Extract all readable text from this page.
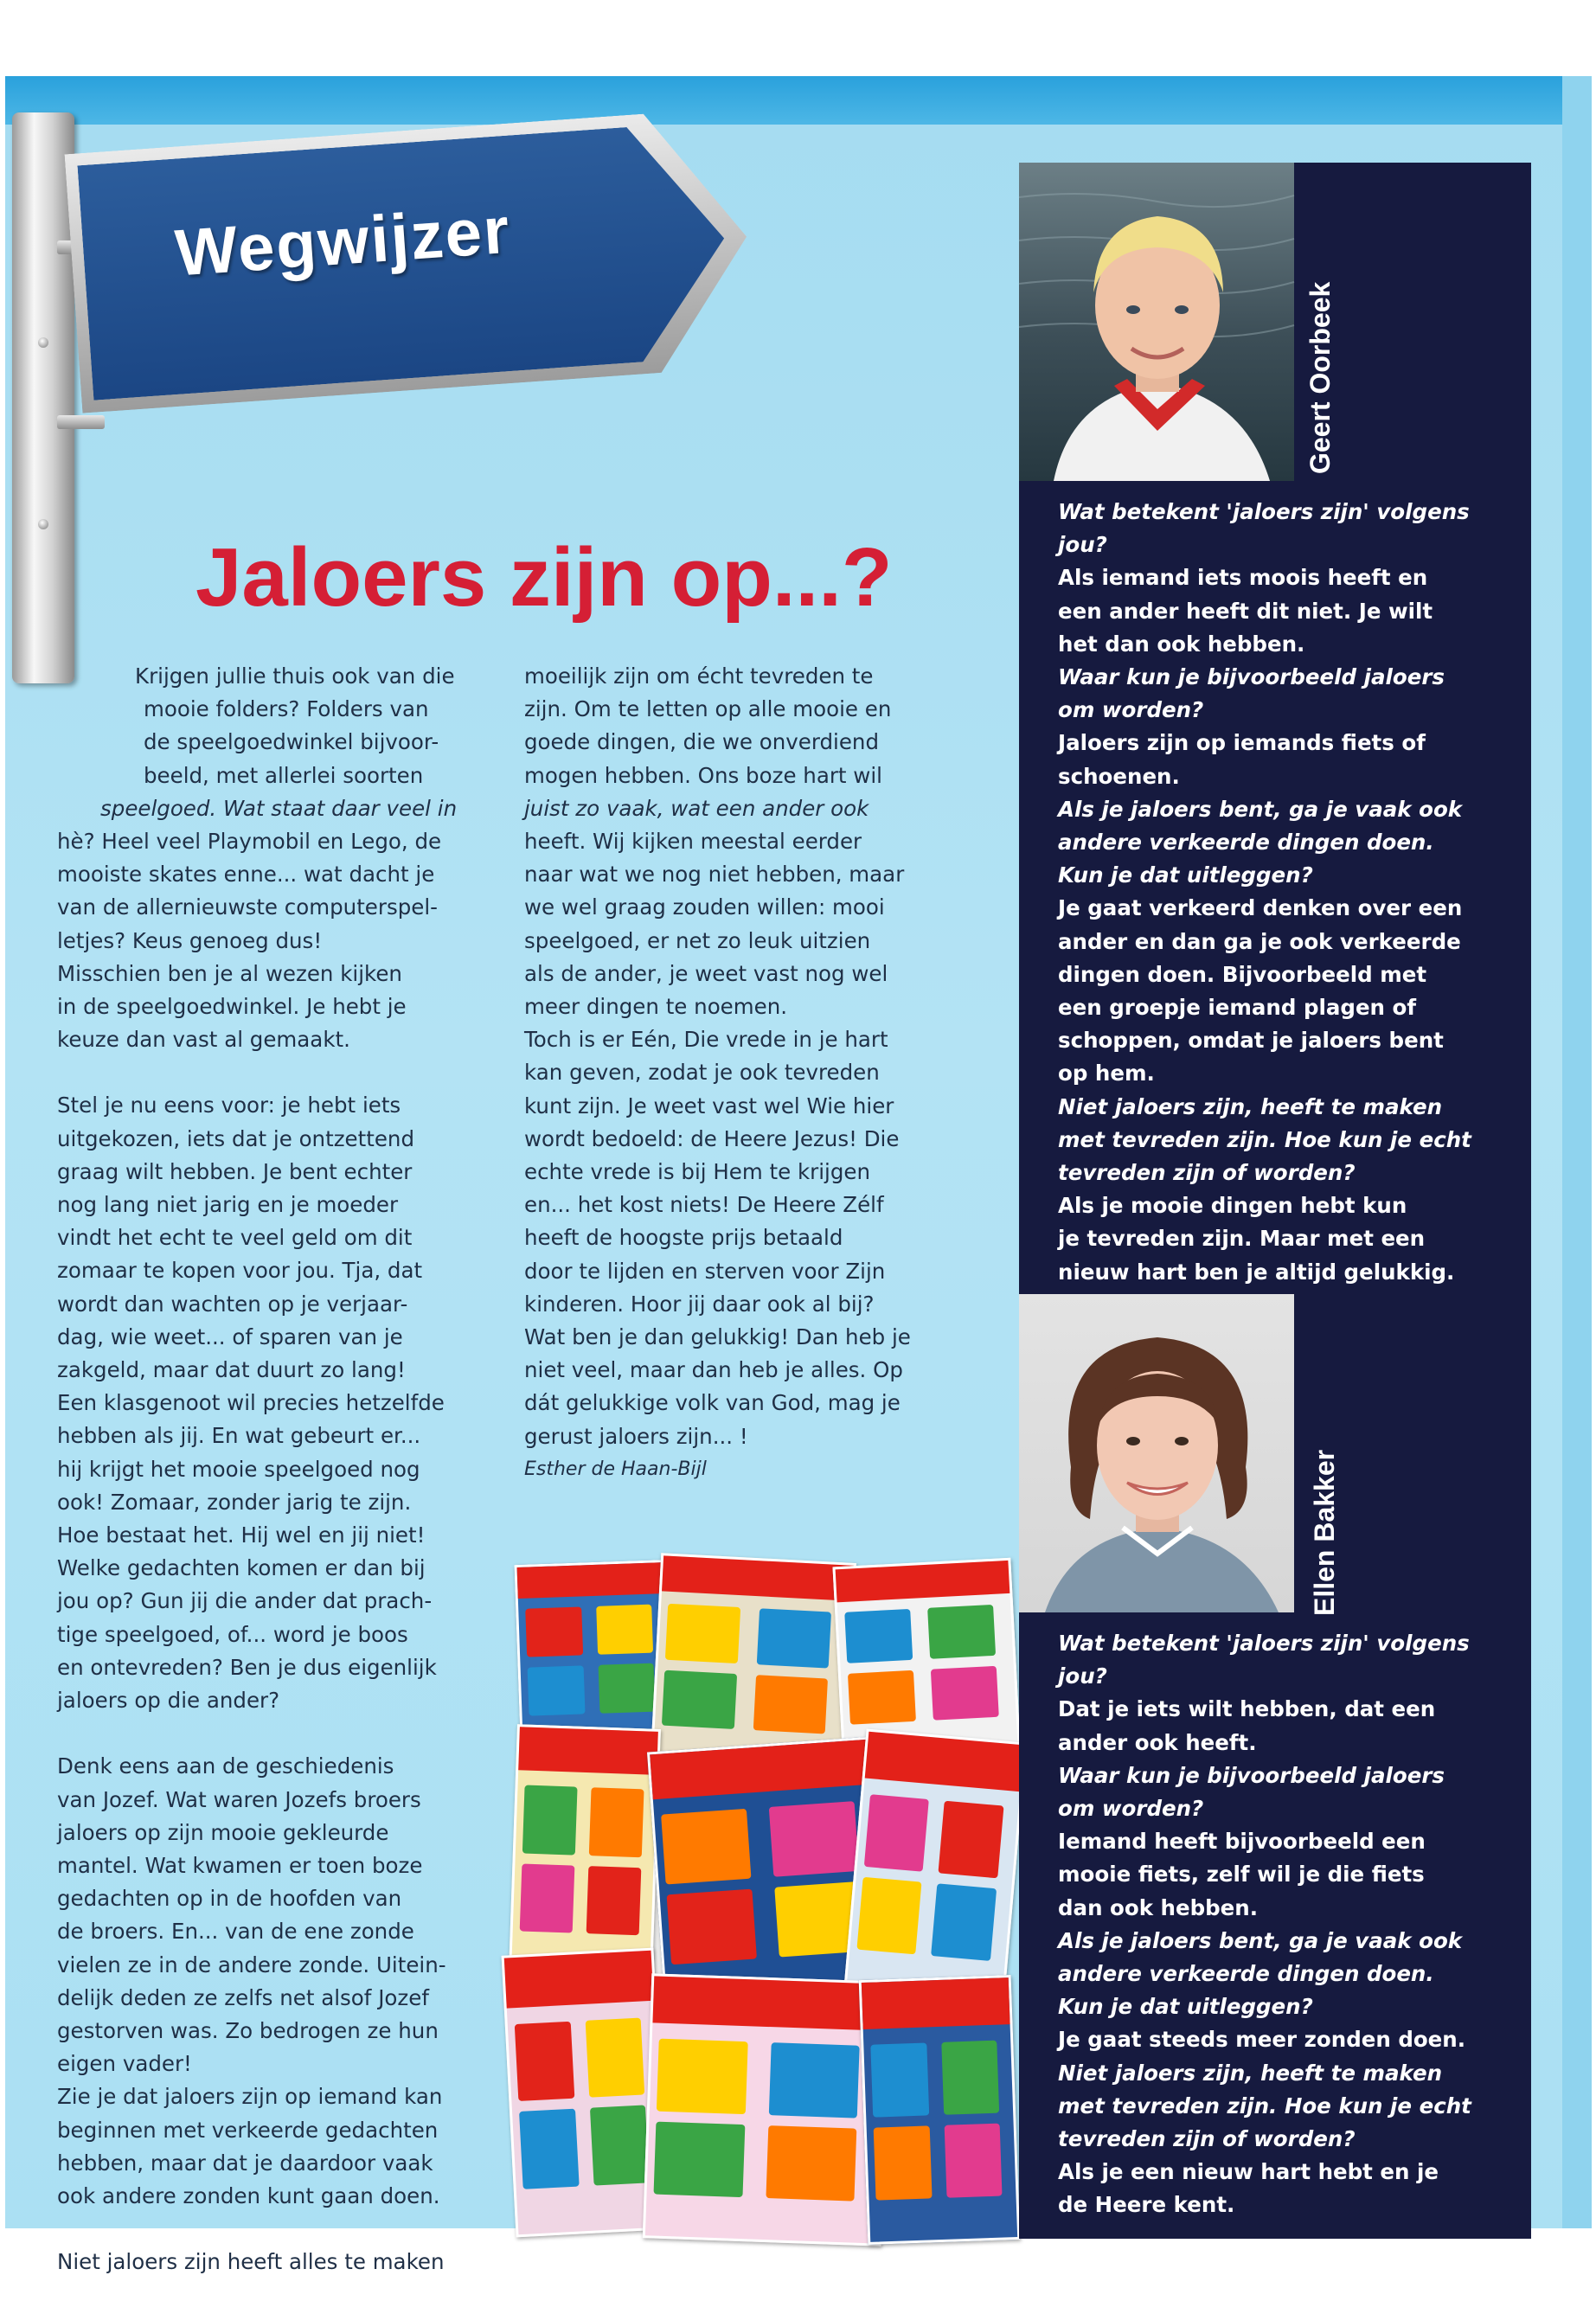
Wegwijzer
Jaloers zijn op...?

Krijgen jullie thuis ook van die

mooie folders? Folders van

de speelgoedwinkel bijvoor-

beeld, met allerlei soorten

speelgoed. Wat staat daar veel in

hè? Heel veel Playmobil en Lego, de

mooiste skates enne... wat dacht je

van de allernieuwste computerspel-

letjes? Keus genoeg dus!

Misschien ben je al wezen kijken

in de speelgoedwinkel. Je hebt je

keuze dan vast al gemaakt.

Stel je nu eens voor: je hebt iets

uitgekozen, iets dat je ontzettend

graag wilt hebben. Je bent echter

nog lang niet jarig en je moeder

vindt het echt te veel geld om dit

zomaar te kopen voor jou. Tja, dat

wordt dan wachten op je verjaar-

dag, wie weet... of sparen van je

zakgeld, maar dat duurt zo lang!

Een klasgenoot wil precies hetzelfde

hebben als jij. En wat gebeurt er...

hij krijgt het mooie speelgoed nog

ook! Zomaar, zonder jarig te zijn.

Hoe bestaat het. Hij wel en jij niet!

Welke gedachten komen er dan bij

jou op? Gun jij die ander dat prach-

tige speelgoed, of... word je boos

en ontevreden? Ben je dus eigenlijk

jaloers op die ander?

Denk eens aan de geschiedenis

van Jozef. Wat waren Jozefs broers

jaloers op zijn mooie gekleurde

mantel. Wat kwamen er toen boze

gedachten op in de hoofden van

de broers. En... van de ene zonde

vielen ze in de andere zonde. Uitein-

delijk deden ze zelfs net alsof Jozef

gestorven was. Zo bedrogen ze hun

eigen vader!

Zie je dat jaloers zijn op iemand kan

beginnen met verkeerde gedachten

hebben, maar dat je daardoor vaak

ook andere zonden kunt gaan doen.

Niet jaloers zijn heeft alles te maken

moeilijk zijn om écht tevreden te

zijn. Om te letten op alle mooie en

goede dingen, die we onverdiend

mogen hebben. Ons boze hart wil

juist zo vaak, wat een ander ook

heeft. Wij kijken meestal eerder

naar wat we nog niet hebben, maar

we wel graag zouden willen: mooi

speelgoed, er net zo leuk uitzien

als de ander, je weet vast nog wel

meer dingen te noemen.

Toch is er Eén, Die vrede in je hart

kan geven, zodat je ook tevreden

kunt zijn. Je weet vast wel Wie hier

wordt bedoeld: de Heere Jezus! Die

echte vrede is bij Hem te krijgen

en... het kost niets! De Heere Zélf

heeft de hoogste prijs betaald

door te lijden en sterven voor Zijn

kinderen. Hoor jij daar ook al bij?

Wat ben je dan gelukkig! Dan heb je

niet veel, maar dan heb je alles. Op

dát gelukkige volk van God, mag je

gerust jaloers zijn... !

Esther de Haan-Bijl

Geert Oorbeek

Wat betekent 'jaloers zijn' volgens

jou?

Als iemand iets moois heeft en

een ander heeft dit niet. Je wilt

het dan ook hebben.

Waar kun je bijvoorbeeld jaloers

om worden?

Jaloers zijn op iemands fiets of

schoenen.

Als je jaloers bent, ga je vaak ook

andere verkeerde dingen doen.

Kun je dat uitleggen?

Je gaat verkeerd denken over een

ander en dan ga je ook verkeerde

dingen doen. Bijvoorbeeld met

een groepje iemand plagen of

schoppen, omdat je jaloers bent

op hem.

Niet jaloers zijn, heeft te maken

met tevreden zijn. Hoe kun je echt

tevreden zijn of worden?

Als je mooie dingen hebt kun

je tevreden zijn. Maar met een

nieuw hart ben je altijd gelukkig.

Ellen Bakker

Wat betekent 'jaloers zijn' volgens

jou?

Dat je iets wilt hebben, dat een

ander ook heeft.

Waar kun je bijvoorbeeld jaloers

om worden?

Iemand heeft bijvoorbeeld een

mooie fiets, zelf wil je die fiets

dan ook hebben.

Als je jaloers bent, ga je vaak ook

andere verkeerde dingen doen.

Kun je dat uitleggen?

Je gaat steeds meer zonden doen.

Niet jaloers zijn, heeft te maken

met tevreden zijn. Hoe kun je echt

tevreden zijn of worden?

Als je een nieuw hart hebt en je

de Heere kent.
